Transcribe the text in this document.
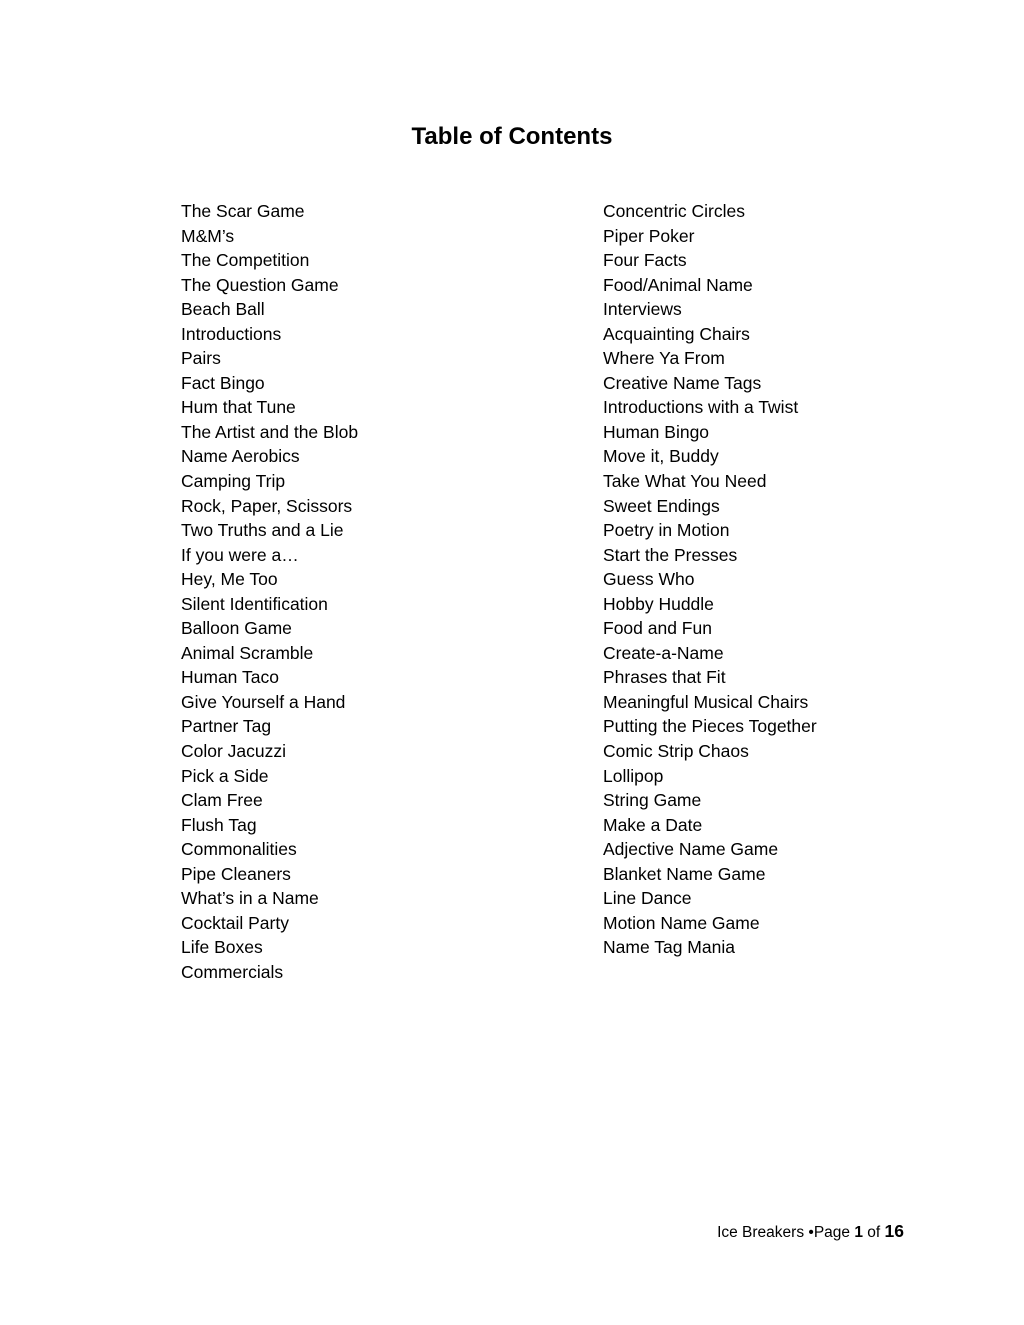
Table of Contents
The Scar Game
M&M’s
The Competition
The Question Game
Beach Ball
Introductions
Pairs
Fact Bingo
Hum that Tune
The Artist and the Blob
Name Aerobics
Camping Trip
Rock, Paper, Scissors
Two Truths and a Lie
If you were a…
Hey, Me Too
Silent Identification
Balloon Game
Animal Scramble
Human Taco
Give Yourself a Hand
Partner Tag
Color Jacuzzi
Pick a Side
Clam Free
Flush Tag
Commonalities
Pipe Cleaners
What’s in a Name
Cocktail Party
Life Boxes
Commercials
Concentric Circles
Piper Poker
Four Facts
Food/Animal Name
Interviews
Acquainting Chairs
Where Ya From
Creative Name Tags
Introductions with a Twist
Human Bingo
Move it, Buddy
Take What You Need
Sweet Endings
Poetry in Motion
Start the Presses
Guess Who
Hobby Huddle
Food and Fun
Create-a-Name
Phrases that Fit
Meaningful Musical Chairs
Putting the Pieces Together
Comic Strip Chaos
Lollipop
String Game
Make a Date
Adjective Name Game
Blanket Name Game
Line Dance
Motion Name Game
Name Tag Mania
Ice Breakers •Page 1 of 16
